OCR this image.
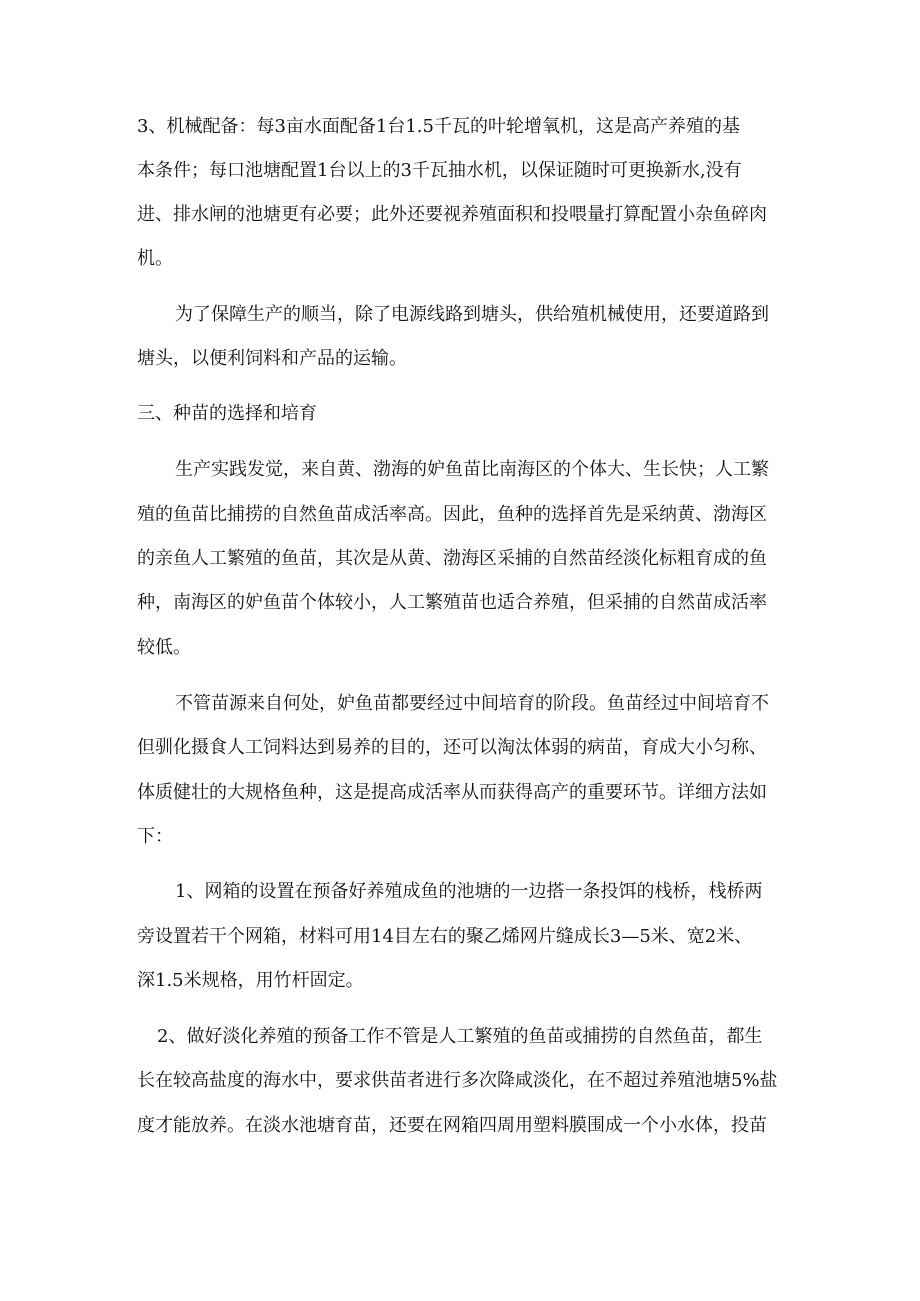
3、机械配备：每3亩水面配备1台1.5千瓦的叶轮增氧机，这是高产养殖的基
本条件；每口池塘配置1台以上的3千瓦抽水机，以保证随时可更换新水,没有
进、排水闸的池塘更有必要；此外还要视养殖面积和投喂量打算配置小杂鱼碎肉
机。
为了保障生产的顺当，除了电源线路到塘头，供给殖机械使用，还要道路到
塘头，以便利饲料和产品的运输。
三、种苗的选择和培育
生产实践发觉，来自黄、渤海的妒鱼苗比南海区的个体大、生长快；人工繁
殖的鱼苗比捕捞的自然鱼苗成活率高。因此，鱼种的选择首先是采纳黄、渤海区
的亲鱼人工繁殖的鱼苗，其次是从黄、渤海区采捕的自然苗经淡化标粗育成的鱼
种，南海区的妒鱼苗个体较小，人工繁殖苗也适合养殖，但采捕的自然苗成活率
较低。
不管苗源来自何处，妒鱼苗都要经过中间培育的阶段。鱼苗经过中间培育不
但驯化摄食人工饲料达到易养的目的，还可以淘汰体弱的病苗，育成大小匀称、
体质健壮的大规格鱼种，这是提高成活率从而获得高产的重要环节。详细方法如
下：
1、网箱的设置在预备好养殖成鱼的池塘的一边搭一条投饵的栈桥，栈桥两
旁设置若干个网箱，材料可用14目左右的聚乙烯网片缝成长3—5米、宽2米、
深1.5米规格，用竹杆固定。
2、做好淡化养殖的预备工作不管是人工繁殖的鱼苗或捕捞的自然鱼苗，都生
长在较高盐度的海水中，要求供苗者进行多次降咸淡化，在不超过养殖池塘5%盐
度才能放养。在淡水池塘育苗，还要在网箱四周用塑料膜围成一个小水体，投苗
